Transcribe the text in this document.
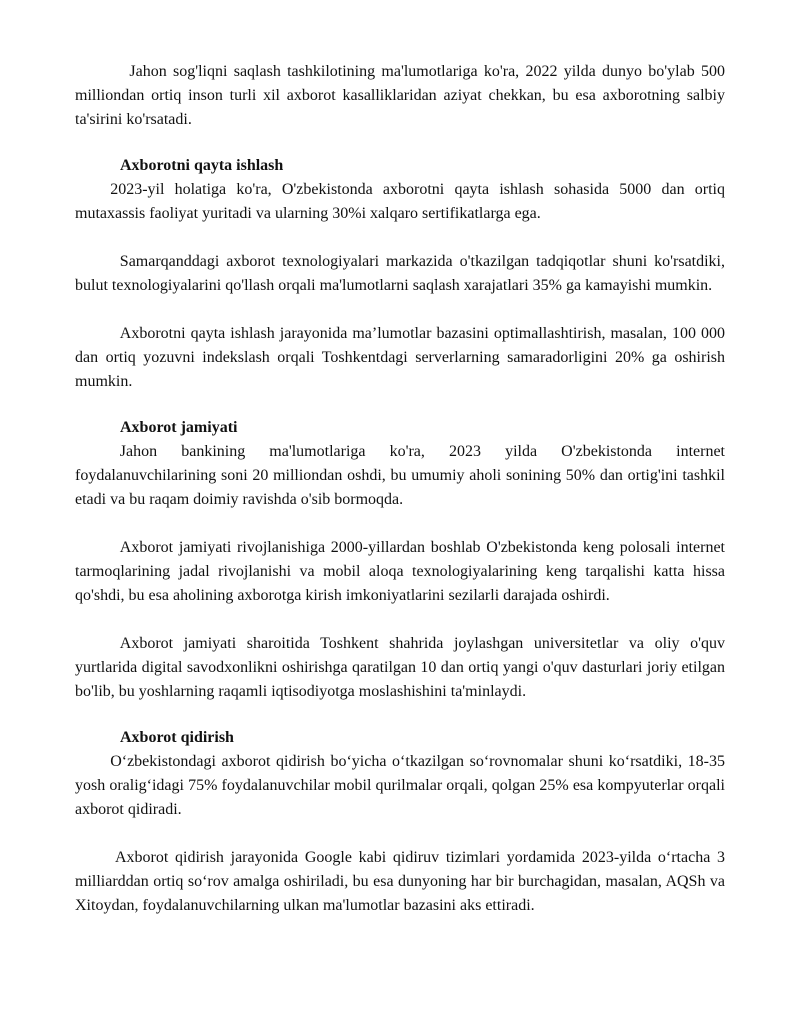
Jahon sog'liqni saqlash tashkilotining ma'lumotlariga ko'ra, 2022 yilda dunyo bo'ylab 500 milliondan ortiq inson turli xil axborot kasalliklaridan aziyat chekkan, bu esa axborotning salbiy ta'sirini ko'rsatadi.

Axborotni qayta ishlash

2023-yil holatiga ko'ra, O'zbekistonda axborotni qayta ishlash sohasida 5000 dan ortiq mutaxassis faoliyat yuritadi va ularning 30%i xalqaro sertifikatlarga ega.

Samarqanddagi axborot texnologiyalari markazida o'tkazilgan tadqiqotlar shuni ko'rsatdiki, bulut texnologiyalarini qo'llash orqali ma'lumotlarni saqlash xarajatlari 35% ga kamayishi mumkin.

Axborotni qayta ishlash jarayonida maʼlumotlar bazasini optimallashtirish, masalan, 100 000 dan ortiq yozuvni indekslash orqali Toshkentdagi serverlarning samaradorligini 20% ga oshirish mumkin.

Axborot jamiyati

Jahon bankining ma'lumotlariga ko'ra, 2023 yilda O'zbekistonda internet foydalanuvchilarining soni 20 milliondan oshdi, bu umumiy aholi sonining 50% dan ortig'ini tashkil etadi va bu raqam doimiy ravishda o'sib bormoqda.

Axborot jamiyati rivojlanishiga 2000-yillardan boshlab O'zbekistonda keng polosali internet tarmoqlarining jadal rivojlanishi va mobil aloqa texnologiyalarining keng tarqalishi katta hissa qo'shdi, bu esa aholining axborotga kirish imkoniyatlarini sezilarli darajada oshirdi.

Axborot jamiyati sharoitida Toshkent shahrida joylashgan universitetlar va oliy o'quv yurtlarida digital savodxonlikni oshirishga qaratilgan 10 dan ortiq yangi o'quv dasturlari joriy etilgan bo'lib, bu yoshlarning raqamli iqtisodiyotga moslashishini ta'minlaydi.

Axborot qidirish

Oʻzbekistondagi axborot qidirish boʻyicha oʻtkazilgan soʻrovnomalar shuni koʻrsatdiki, 18-35 yosh oraligʻidagi 75% foydalanuvchilar mobil qurilmalar orqali, qolgan 25% esa kompyuterlar orqali axborot qidiradi.

Axborot qidirish jarayonida Google kabi qidiruv tizimlari yordamida 2023-yilda oʻrtacha 3 milliarddan ortiq soʻrov amalga oshiriladi, bu esa dunyoning har bir burchagidan, masalan, AQSh va Xitoydan, foydalanuvchilarning ulkan ma'lumotlar bazasini aks ettiradi.
